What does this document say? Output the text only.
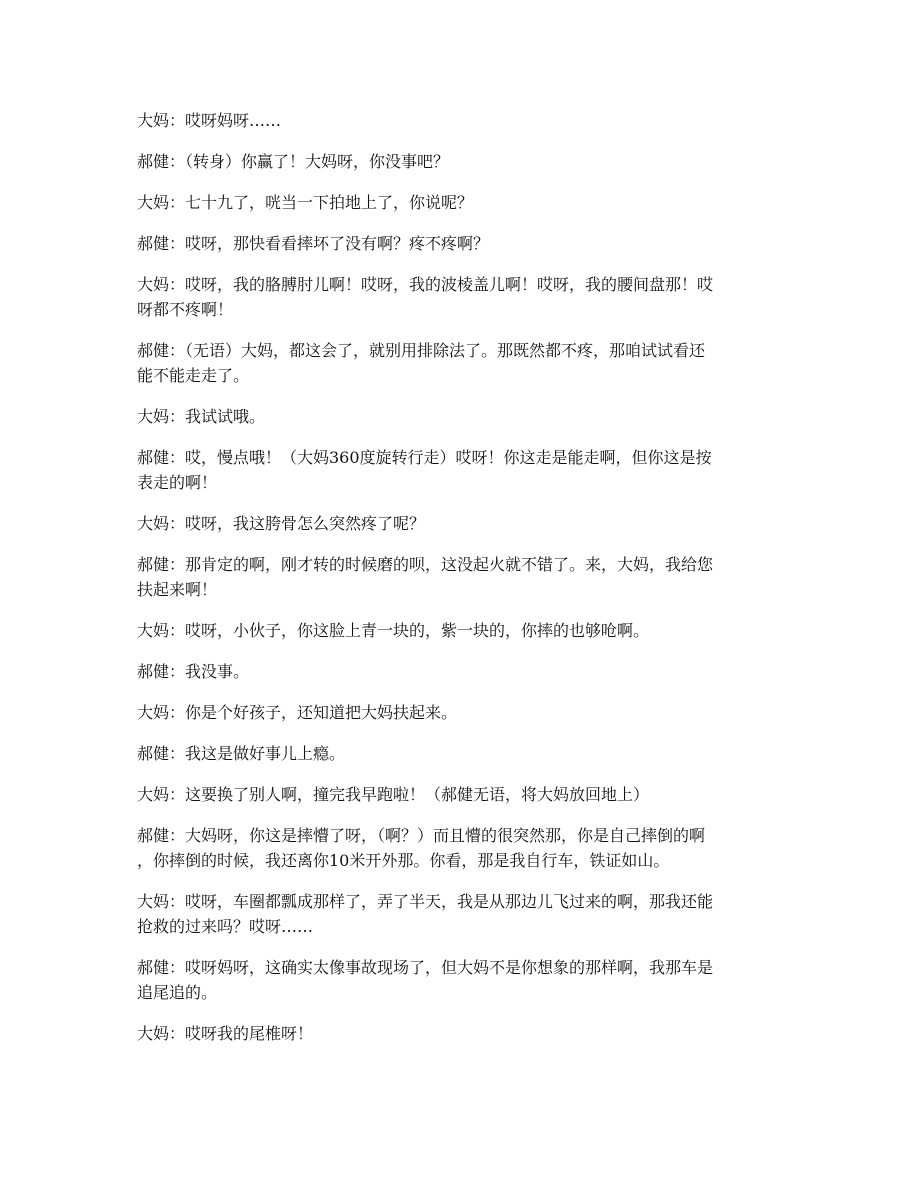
大妈：哎呀妈呀……
郝健：（转身）你赢了！大妈呀，你没事吧？
大妈：七十九了，咣当一下拍地上了，你说呢？
郝健：哎呀，那快看看摔坏了没有啊？疼不疼啊？
大妈：哎呀，我的胳膊肘儿啊！哎呀，我的波棱盖儿啊！哎呀，我的腰间盘那！哎
呀都不疼啊！
郝健：（无语）大妈，都这会了，就别用排除法了。那既然都不疼，那咱试试看还
能不能走走了。
大妈：我试试哦。
郝健：哎，慢点哦！（大妈360度旋转行走）哎呀！你这走是能走啊，但你这是按
表走的啊！
大妈：哎呀，我这胯骨怎么突然疼了呢？
郝健：那肯定的啊，刚才转的时候磨的呗，这没起火就不错了。来，大妈，我给您
扶起来啊！
大妈：哎呀，小伙子，你这脸上青一块的，紫一块的，你摔的也够呛啊。
郝健：我没事。
大妈：你是个好孩子，还知道把大妈扶起来。
郝健：我这是做好事儿上瘾。
大妈：这要换了别人啊，撞完我早跑啦！（郝健无语，将大妈放回地上）
郝健：大妈呀，你这是摔懵了呀，（啊？）而且懵的很突然那，你是自己摔倒的啊
，你摔倒的时候，我还离你10米开外那。你看，那是我自行车，铁证如山。
大妈：哎呀，车圈都瓢成那样了，弄了半天，我是从那边儿飞过来的啊，那我还能
抢救的过来吗？哎呀……
郝健：哎呀妈呀，这确实太像事故现场了，但大妈不是你想象的那样啊，我那车是
追尾追的。
大妈：哎呀我的尾椎呀！
